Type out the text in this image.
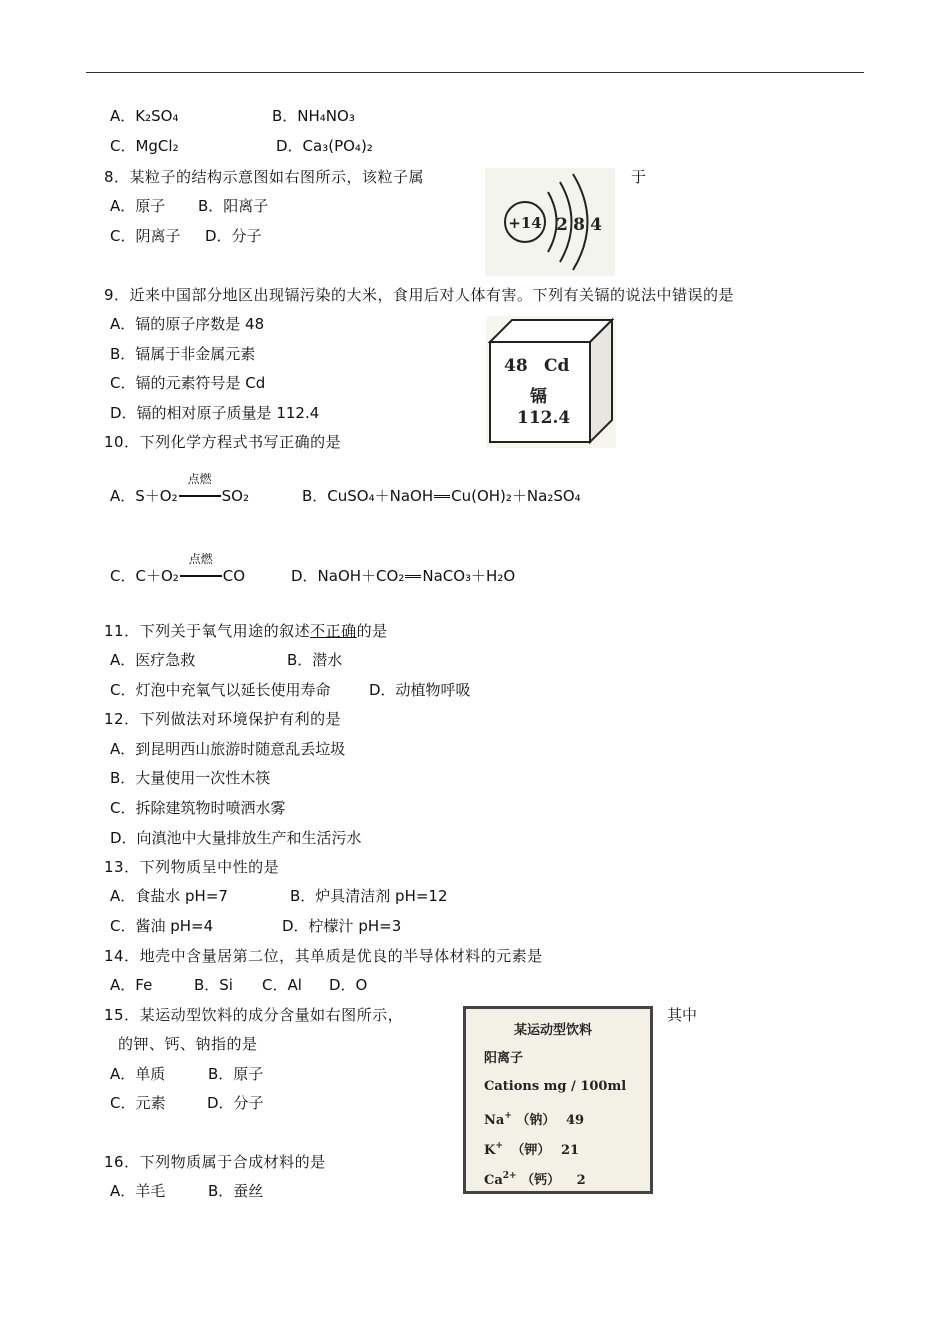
A．K₂SO₄	B．NH₄NO₃
C．MgCl₂	D．Ca₃(PO₄)₂
8．某粒子的结构示意图如右图所示，该粒子属	于
A．原子 B．阳离子
C．阴离子 D．分子
+14 2 8 4
9．近来中国部分地区出现镉污染的大米，食用后对人体有害。下列有关镉的说法中错误的是
A．镉的原子序数是 48
B．镉属于非金属元素
C．镉的元素符号是 Cd
D．镉的相对原子质量是 112.4
48 Cd
镉
112.4
10．下列化学方程式书写正确的是
A．S＋O₂
点燃
SO₂	B．CuSO₄＋NaOH Cu(OH)₂＋Na₂SO₄
C．C＋O₂
点燃
CO	D．NaOH＋CO₂ NaCO₃＋H₂O
11．下列关于氧气用途的叙述不正确的是
A．医疗急救	B．潜水
C．灯泡中充氧气以延长使用寿命	D．动植物呼吸
12．下列做法对环境保护有利的是
A．到昆明西山旅游时随意乱丢垃圾
B．大量使用一次性木筷
C．拆除建筑物时喷洒水雾
D．向滇池中大量排放生产和生活污水
13．下列物质呈中性的是
A．食盐水 pH=7	B．炉具清洁剂 pH=12
C．酱油 pH=4	D．柠檬汁 pH=3
14．地壳中含量居第二位，其单质是优良的半导体材料的元素是
A．Fe	B．Si C．Al D．O
15．某运动型饮料的成分含量如右图所示，	其中
的钾、钙、钠指的是
A．单质	B．原子
C．元素	D．分子
某运动型饮料
阳离子
Cations mg / 100ml
Na+ （钠） 49
K+ （钾） 21
$Ca^{2+}$ （钙） 2
16．下列物质属于合成材料的是
A．羊毛	B．蚕丝
